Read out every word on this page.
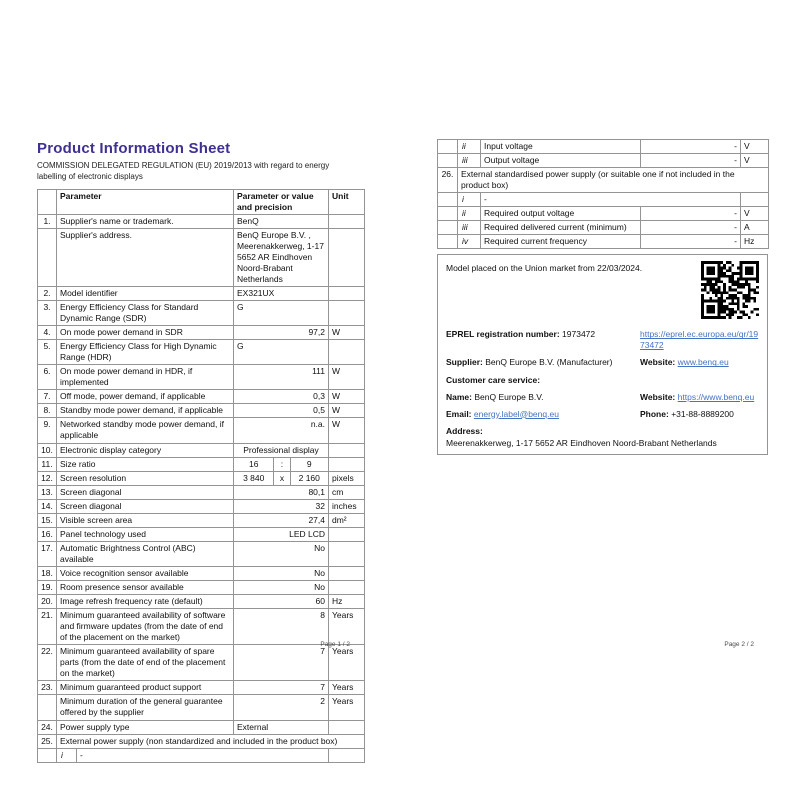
Product Information Sheet

COMMISSION DELEGATED REGULATION (EU) 2019/2013 with regard to energy labelling of electronic displays

	Parameter		Parameter or value and precision	Unit
1.	Supplier's name or trademark.		BenQ	
	Supplier's address.		BenQ Europe B.V. , Meerenakkerweg, 1-17 5652 AR Eindhoven Noord-Brabant Netherlands	
2.	Model identifier		EX321UX	
3.	Energy Efficiency Class for Standard Dynamic Range (SDR)		G	
4.	On mode power demand in SDR		97,2	W
5.	Energy Efficiency Class for High Dynamic Range (HDR)		G	
6.	On mode power demand in HDR, if implemented		111	W
7.	Off mode, power demand, if applicable		0,3	W
8.	Standby mode power demand, if applicable		0,5	W
9.	Networked standby mode power demand, if applicable		n.a.	W
10.	Electronic display category		Professional display	
11.	Size ratio		16 : 9	

12.	Screen resolution		3 840 x 2 160	pixels
13.	Screen diagonal		80,1	cm
14.	Screen diagonal		32	inches
15.	Visible screen area		27,4	dm²
16.	Panel technology used		LED LCD	
17.	Automatic Brightness Control (ABC) available		No	
18.	Voice recognition sensor available		No	
19.	Room presence sensor available		No	
20.	Image refresh frequency rate (default)		60	Hz
21.	Minimum guaranteed availability of software and firmware updates (from the date of end of the placement on the market)		8	Years
22.	Minimum guaranteed availability of spare parts (from the date of end of the placement on the market)		7	Years
23.	Minimum guaranteed product support		7	Years
	Minimum duration of the general guarantee offered by the supplier		2	Years
24.	Power supply type		External	
25.	External power supply (non standardized and included in the product box)			
	i	-		
	ii	Input voltage	-	V
	iii	Output voltage	-	V
26.	External standardised power supply (or suitable one if not included in the product box)			
	i	-		
	ii	Required output voltage	-	V
	iii	Required delivered current (minimum)	-	A
	iv	Required current frequency	-	Hz
Model placed on the Union market from 22/03/2024.
EPREL registration number: 1973472	https://eprel.ec.europa.eu/qr/1973472
Supplier: BenQ Europe B.V. (Manufacturer)	Website: www.benq.eu
Customer care service:
Name: BenQ Europe B.V.	Website: https://www.benq.eu
Email: energy.label@benq.eu	Phone: +31-88-8889200
Address:
Meerenakkerweg, 1-17 5652 AR Eindhoven Noord-Brabant Netherlands
Page 1 / 2	Page 2 / 2
